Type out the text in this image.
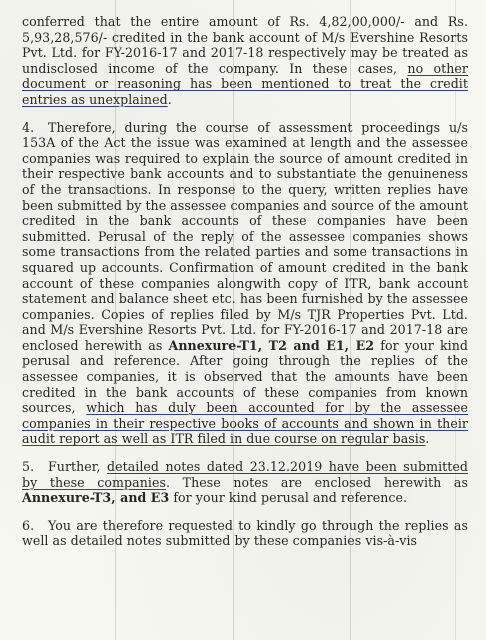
conferred that the entire amount of Rs. 4,82,00,000/- and Rs. 5,93,28,576/- credited in the bank account of M/s Evershine Resorts Pvt. Ltd. for FY-2016-17 and 2017-18 respectively may be treated as undisclosed income of the company. In these cases, no other document or reasoning has been mentioned to treat the credit entries as unexplained.

4. Therefore, during the course of assessment proceedings u/s 153A of the Act the issue was examined at length and the assessee companies was required to explain the source of amount credited in their respective bank accounts and to substantiate the genuineness of the transactions. In response to the query, written replies have been submitted by the assessee companies and source of the amount credited in the bank accounts of these companies have been submitted. Perusal of the reply of the assessee companies shows some transactions from the related parties and some transactions in squared up accounts. Confirmation of amount credited in the bank account of these companies alongwith copy of ITR, bank account statement and balance sheet etc. has been furnished by the assessee companies. Copies of replies filed by M/s TJR Properties Pvt. Ltd. and M/s Evershine Resorts Pvt. Ltd. for FY-2016-17 and 2017-18 are enclosed herewith as Annexure-T1, T2 and E1, E2 for your kind perusal and reference. After going through the replies of the assessee companies, it is observed that the amounts have been credited in the bank accounts of these companies from known sources, which has duly been accounted for by the assessee companies in their respective books of accounts and shown in their audit report as well as ITR filed in due course on regular basis.

5. Further, detailed notes dated 23.12.2019 have been submitted by these companies. These notes are enclosed herewith as Annexure-T3, and E3 for your kind perusal and reference.

6. You are therefore requested to kindly go through the replies as well as detailed notes submitted by these companies vis-à-vis
